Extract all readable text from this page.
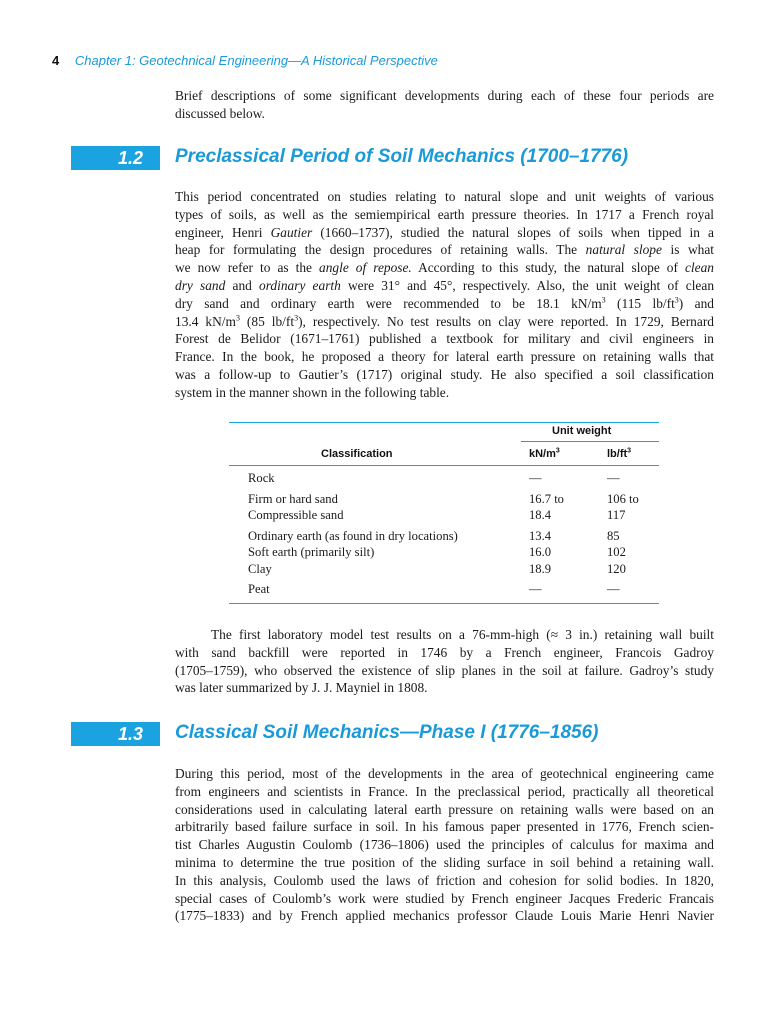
4 Chapter 1: Geotechnical Engineering—A Historical Perspective
Brief descriptions of some significant developments during each of these four periods are
discussed below.
1.2 Preclassical Period of Soil Mechanics (1700–1776)
This period concentrated on studies relating to natural slope and unit weights of various
types of soils, as well as the semiempirical earth pressure theories. In 1717 a French royal
engineer, Henri Gautier (1660–1737), studied the natural slopes of soils when tipped in a
heap for formulating the design procedures of retaining walls. The natural slope is what
we now refer to as the angle of repose. According to this study, the natural slope of clean
dry sand and ordinary earth were 31° and 45°, respectively. Also, the unit weight of clean
dry sand and ordinary earth were recommended to be 18.1 $kN/m^3$ (115 $lb/ft^3$) and
13.4 $kN/m^3$ (85 $lb/ft^3$), respectively. No test results on clay were reported. In 1729, Bernard
Forest de Belidor (1671–1761) published a textbook for military and civil engineers in
France. In the book, he proposed a theory for lateral earth pressure on retaining walls that
was a follow-up to Gautier’s (1717) original study. He also specified a soil classification
system in the manner shown in the following table.
Unit weight
Classification	$kN/m^3$	$lb/ft^3$
Rock	—	—
Firm or hard sand	16.7 to	106 to
Compressible sand	18.4	117
Ordinary earth (as found in dry locations)	13.4	85
Soft earth (primarily silt)	16.0	102
Clay	18.9	120
Peat	—	—
The first laboratory model test results on a 76-mm-high (≈ 3 in.) retaining wall built
with sand backfill were reported in 1746 by a French engineer, Francois Gadroy
(1705–1759), who observed the existence of slip planes in the soil at failure. Gadroy’s study
was later summarized by J. J. Mayniel in 1808.
1.3 Classical Soil Mechanics—Phase I (1776–1856)
During this period, most of the developments in the area of geotechnical engineering came
from engineers and scientists in France. In the preclassical period, practically all theoretical
considerations used in calculating lateral earth pressure on retaining walls were based on an
arbitrarily based failure surface in soil. In his famous paper presented in 1776, French scien-
tist Charles Augustin Coulomb (1736–1806) used the principles of calculus for maxima and
minima to determine the true position of the sliding surface in soil behind a retaining wall.
In this analysis, Coulomb used the laws of friction and cohesion for solid bodies. In 1820,
special cases of Coulomb’s work were studied by French engineer Jacques Frederic Francais
(1775–1833) and by French applied mechanics professor Claude Louis Marie Henri Navier
